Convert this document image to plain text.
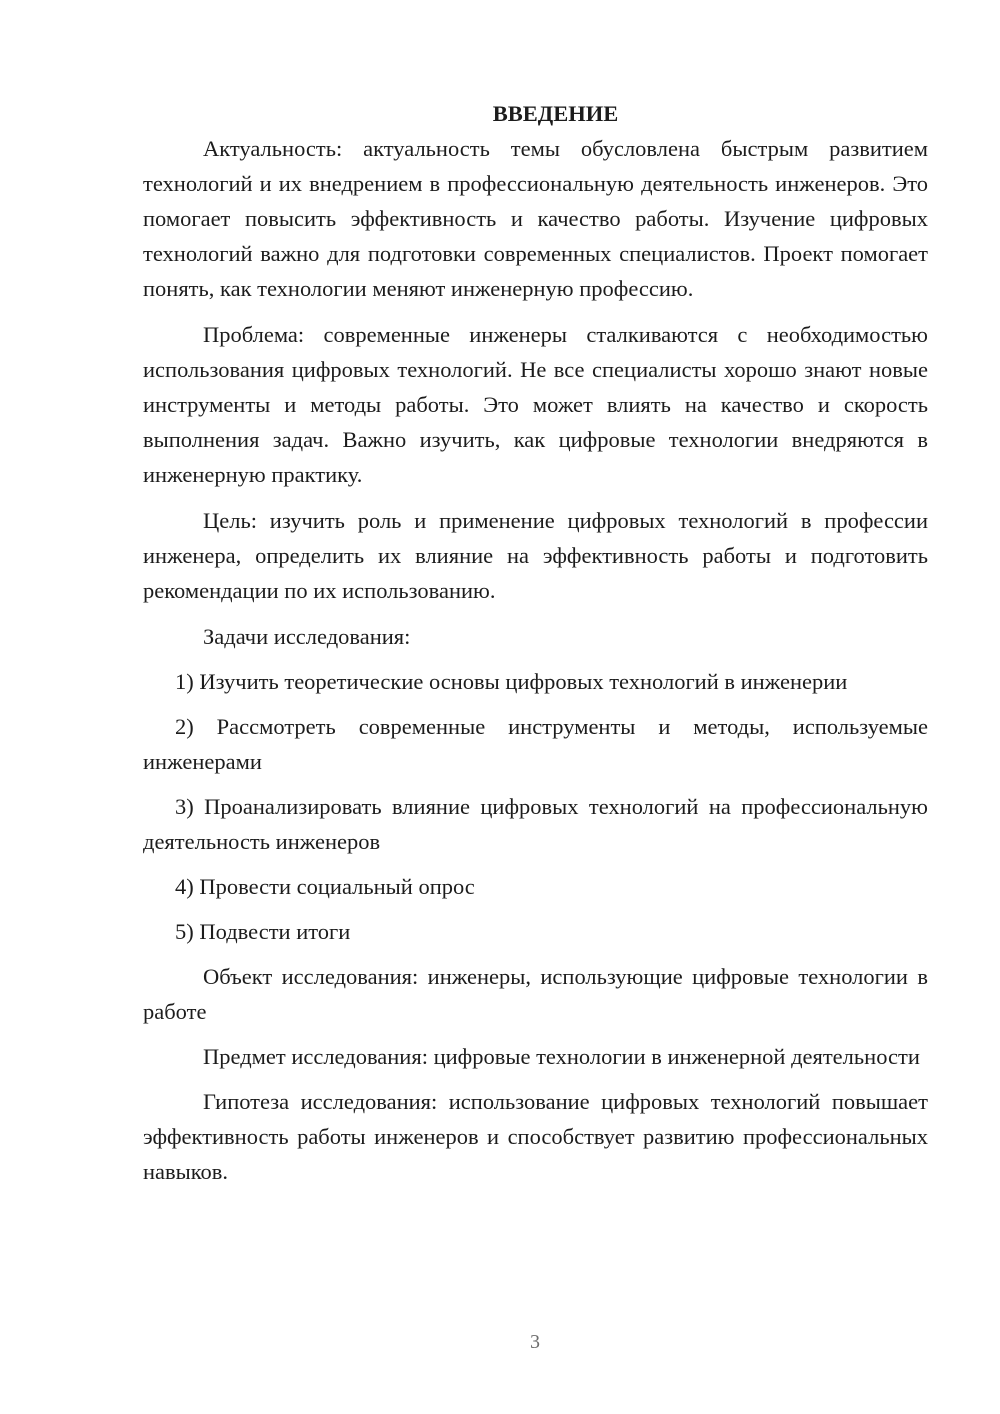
ВВЕДЕНИЕ

Актуальность: актуальность темы обусловлена быстрым развитием технологий и их внедрением в профессиональную деятельность инженеров. Это помогает повысить эффективность и качество работы. Изучение цифровых технологий важно для подготовки современных специалистов. Проект помогает понять, как технологии меняют инженерную профессию.

Проблема: современные инженеры сталкиваются с необходимостью использования цифровых технологий. Не все специалисты хорошо знают новые инструменты и методы работы. Это может влиять на качество и скорость выполнения задач. Важно изучить, как цифровые технологии внедряются в инженерную практику.

Цель: изучить роль и применение цифровых технологий в профессии инженера, определить их влияние на эффективность работы и подготовить рекомендации по их использованию.

Задачи исследования:

1) Изучить теоретические основы цифровых технологий в инженерии

2) Рассмотреть современные инструменты и методы, используемые инженерами

3) Проанализировать влияние цифровых технологий на профессиональную деятельность инженеров

4) Провести социальный опрос

5) Подвести итоги

Объект исследования: инженеры, использующие цифровые технологии в работе

Предмет исследования: цифровые технологии в инженерной деятельности

Гипотеза исследования: использование цифровых технологий повышает эффективность работы инженеров и способствует развитию профессиональных навыков.

3
